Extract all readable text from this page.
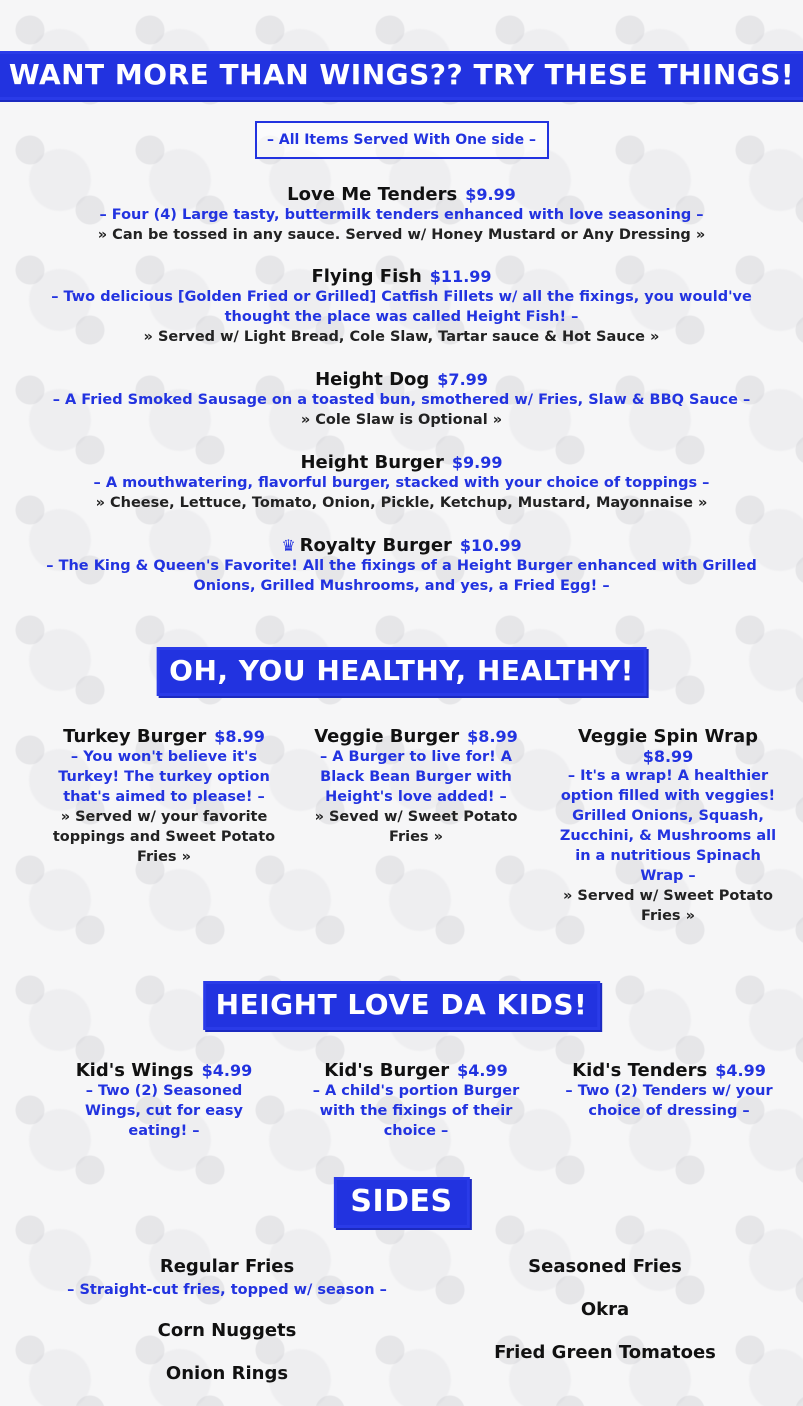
WANT MORE THAN WINGS?? TRY THESE THINGS!
– All Items Served With One side –
Love Me Tenders $9.99
– Four (4) Large tasty, buttermilk tenders enhanced with love seasoning –
» Can be tossed in any sauce. Served w/ Honey Mustard or Any Dressing »
Flying Fish $11.99
– Two delicious [Golden Fried or Grilled] Catfish Fillets w/ all the fixings, you would've thought the place was called Height Fish! –
» Served w/ Light Bread, Cole Slaw, Tartar sauce & Hot Sauce »
Height Dog $7.99
– A Fried Smoked Sausage on a toasted bun, smothered w/ Fries, Slaw & BBQ Sauce –
» Cole Slaw is Optional »
Height Burger $9.99
– A mouthwatering, flavorful burger, stacked with your choice of toppings –
» Cheese, Lettuce, Tomato, Onion, Pickle, Ketchup, Mustard, Mayonnaise »
♛ Royalty Burger $10.99
– The King & Queen's Favorite! All the fixings of a Height Burger enhanced with Grilled Onions, Grilled Mushrooms, and yes, a Fried Egg! –
OH, YOU HEALTHY, HEALTHY!
Turkey Burger $8.99
– You won't believe it's Turkey! The turkey option that's aimed to please! –
» Served w/ your favorite toppings and Sweet Potato Fries »
Veggie Burger $8.99
– A Burger to live for! A Black Bean Burger with Height's love added! –
» Seved w/ Sweet Potato Fries »
Veggie Spin Wrap
$8.99
– It's a wrap! A healthier option filled with veggies! Grilled Onions, Squash, Zucchini, & Mushrooms all in a nutritious Spinach Wrap –
» Served w/ Sweet Potato Fries »
HEIGHT LOVE DA KIDS!
Kid's Wings $4.99
– Two (2) Seasoned Wings, cut for easy eating! –
Kid's Burger $4.99
– A child's portion Burger with the fixings of their choice –
Kid's Tenders $4.99
– Two (2) Tenders w/ your choice of dressing –
SIDES
Regular Fries
– Straight-cut fries, topped w/ season –
Corn Nuggets
Onion Rings
Seasoned Fries
Okra
Fried Green Tomatoes
